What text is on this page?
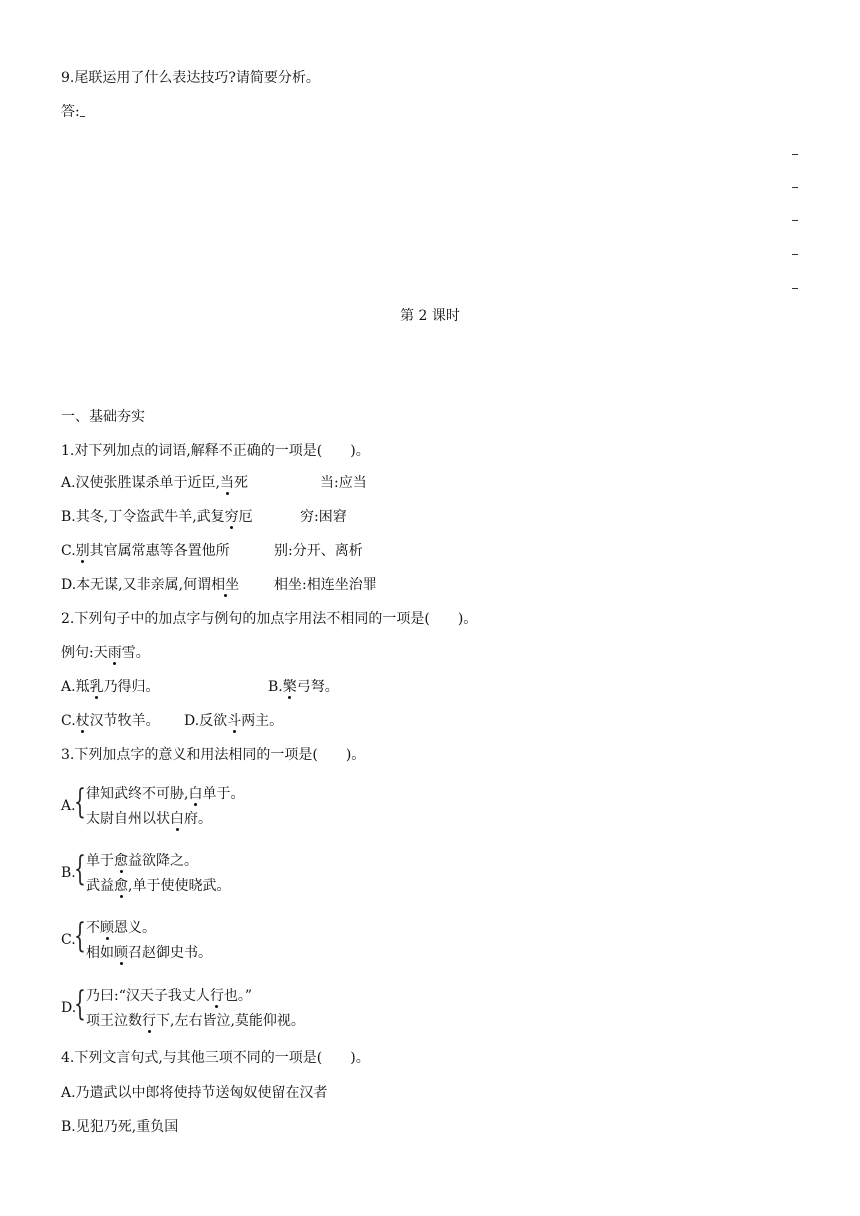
9.尾联运用了什么表达技巧?请简要分析。
答:
第 2 课时
一、基础夯实
1.对下列加点的词语,解释不正确的一项是(　　)。
A.汉使张胜谋杀单于近臣,当死	当:应当
B.其冬,丁令盗武牛羊,武复穷厄	穷:困窘
C.别其官属常惠等各置他所	别:分开、离析
D.本无谋,又非亲属,何谓相坐 相坐:相连坐治罪
2.下列句子中的加点字与例句的加点字用法不相同的一项是(　　)。
例句:天雨雪。
A.羝乳乃得归。	B.檠弓弩。
C.杖汉节牧羊。 D.反欲斗两主。
3.下列加点字的意义和用法相同的一项是(　　)。
A.
{ 律知武终不可胁,白单于。
太尉自州以状白府。
B.
{ 单于愈益欲降之。
武益愈,单于使使晓武。
C.
{ 不顾恩义。
相如顾召赵御史书。
D.
{ 乃曰:“汉天子我丈人行也。”
项王泣数行下,左右皆泣,莫能仰视。
4.下列文言句式,与其他三项不同的一项是(　　)。
A.乃遣武以中郎将使持节送匈奴使留在汉者
B.见犯乃死,重负国
